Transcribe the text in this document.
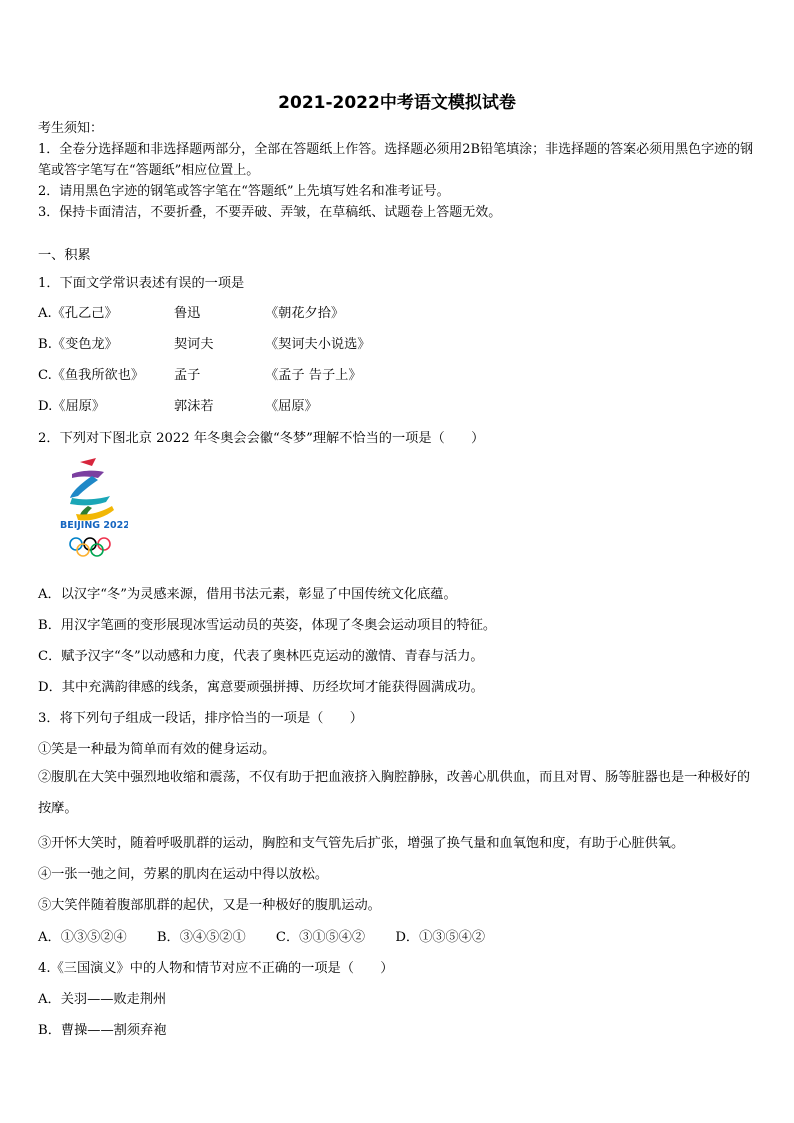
2021-2022中考语文模拟试卷
考生须知：
1．全卷分选择题和非选择题两部分，全部在答题纸上作答。选择题必须用2B铅笔填涂；非选择题的答案必须用黑色字迹的钢笔或答字笔写在“答题纸”相应位置上。
2．请用黑色字迹的钢笔或答字笔在“答题纸”上先填写姓名和准考证号。
3．保持卡面清洁，不要折叠，不要弄破、弄皱，在草稿纸、试题卷上答题无效。
一、积累
1．下面文学常识表述有误的一项是
A.《孔乙己》	鲁迅	《朝花夕拾》
B.《变色龙》	契诃夫	《契诃夫小说选》
C.《鱼我所欲也》 孟子	《孟子 告子上》
D.《屈原》	郭沫若	《屈原》
2．下列对下图北京 2022 年冬奥会会徽“冬梦”理解不恰当的一项是（　　）
BEIJING 2022
A．以汉字“冬”为灵感来源，借用书法元素，彰显了中国传统文化底蕴。
B．用汉字笔画的变形展现冰雪运动员的英姿，体现了冬奥会运动项目的特征。
C．赋予汉字“冬”以动感和力度，代表了奥林匹克运动的激情、青春与活力。
D．其中充满韵律感的线条，寓意要顽强拼搏、历经坎坷才能获得圆满成功。
3．将下列句子组成一段话，排序恰当的一项是（　　）
①笑是一种最为简单而有效的健身运动。
②腹肌在大笑中强烈地收缩和震荡，不仅有助于把血液挤入胸腔静脉，改善心肌供血，而且对胃、肠等脏器也是一种极好的按摩。
③开怀大笑时，随着呼吸肌群的运动，胸腔和支气管先后扩张，增强了换气量和血氧饱和度，有助于心脏供氧。
④一张一弛之间，劳累的肌肉在运动中得以放松。
⑤大笑伴随着腹部肌群的起伏，又是一种极好的腹肌运动。
A．①③⑤②④ B．③④⑤②① C．③①⑤④② D．①③⑤④②
4.《三国演义》中的人物和情节对应不正确的一项是（　　）
A．关羽——败走荆州
B．曹操——割须弃袍
